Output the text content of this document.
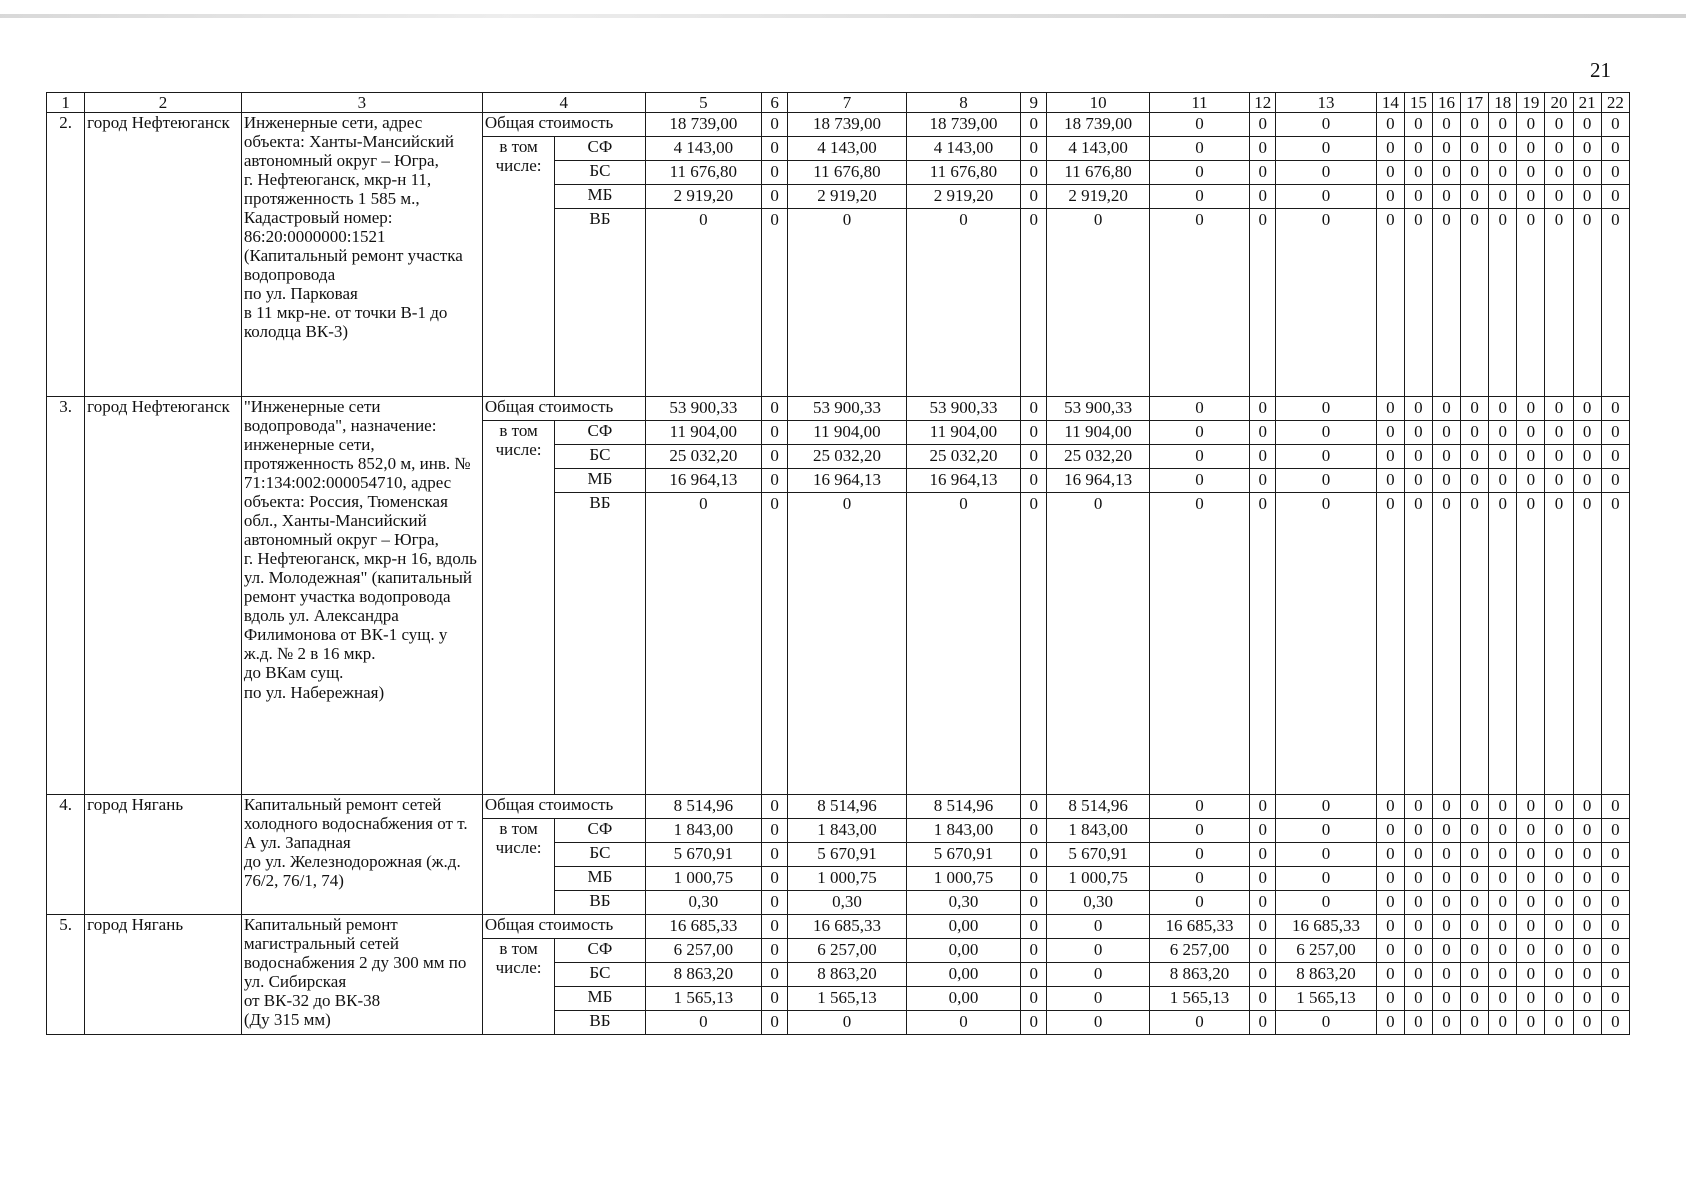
21
1	2	3	4		5	6	7	8	9	10	11	12	13	14	15	16	17	18	19	20	21	22
2.	город Нефтеюганск	Инженерные сети, адрес объекта: Ханты-Мансийский автономный округ – Югра,
г. Нефтеюганск, мкр-н 11, протяженность 1 585 м., Кадастровый номер: 86:20:0000000:1521 (Капитальный ремонт участка водопровода
по ул. Парковая
в 11 мкр-не. от точки В-1 до колодца ВК-3)	Общая стоимость		18 739,00	0	18 739,00	18 739,00	0	18 739,00	0	0	0	0	0	0	0	0	0	0	0	0
			в том
числе:	СФ	4 143,00	0	4 143,00	4 143,00	0	4 143,00	0	0	0	0	0	0	0	0	0	0	0	0
				БС	11 676,80	0	11 676,80	11 676,80	0	11 676,80	0	0	0	0	0	0	0	0	0	0	0	0
				МБ	2 919,20	0	2 919,20	2 919,20	0	2 919,20	0	0	0	0	0	0	0	0	0	0	0	0
				ВБ	0	0	0	0	0	0	0	0	0	0	0	0	0	0	0	0	0	0
3.	город Нефтеюганск	"Инженерные сети водопровода", назначение: инженерные сети, протяженность 852,0 м, инв. № 71:134:002:000054710, адрес объекта: Россия, Тюменская обл., Ханты-Мансийский автономный округ – Югра,
г. Нефтеюганск, мкр-н 16, вдоль ул. Молодежная" (капитальный ремонт участка водопровода вдоль ул. Александра Филимонова от ВК-1 сущ. у ж.д. № 2 в 16 мкр.
до ВКам сущ.
по ул. Набережная)	Общая стоимость		53 900,33	0	53 900,33	53 900,33	0	53 900,33	0	0	0	0	0	0	0	0	0	0	0	0
			в том
числе:	СФ	11 904,00	0	11 904,00	11 904,00	0	11 904,00	0	0	0	0	0	0	0	0	0	0	0	0
				БС	25 032,20	0	25 032,20	25 032,20	0	25 032,20	0	0	0	0	0	0	0	0	0	0	0	0
				МБ	16 964,13	0	16 964,13	16 964,13	0	16 964,13	0	0	0	0	0	0	0	0	0	0	0	0
				ВБ	0	0	0	0	0	0	0	0	0	0	0	0	0	0	0	0	0	0
4.	город Нягань	Капитальный ремонт сетей холодного водоснабжения от т. А ул. Западная
до ул. Железнодорожная (ж.д. 76/2, 76/1, 74)	Общая стоимость		8 514,96	0	8 514,96	8 514,96	0	8 514,96	0	0	0	0	0	0	0	0	0	0	0	0
			в том
числе:	СФ	1 843,00	0	1 843,00	1 843,00	0	1 843,00	0	0	0	0	0	0	0	0	0	0	0	0
				БС	5 670,91	0	5 670,91	5 670,91	0	5 670,91	0	0	0	0	0	0	0	0	0	0	0	0
				МБ	1 000,75	0	1 000,75	1 000,75	0	1 000,75	0	0	0	0	0	0	0	0	0	0	0	0
				ВБ	0,30	0	0,30	0,30	0	0,30	0	0	0	0	0	0	0	0	0	0	0	0
5.	город Нягань	Капитальный ремонт магистральный сетей водоснабжения 2 ду 300 мм по ул. Сибирская
от ВК-32 до ВК-38
(Ду 315 мм)	Общая стоимость		16 685,33	0	16 685,33	0,00	0	0	16 685,33	0	16 685,33	0	0	0	0	0	0	0	0	0
			в том
числе:	СФ	6 257,00	0	6 257,00	0,00	0	0	6 257,00	0	6 257,00	0	0	0	0	0	0	0	0	0
				БС	8 863,20	0	8 863,20	0,00	0	0	8 863,20	0	8 863,20	0	0	0	0	0	0	0	0	0
				МБ	1 565,13	0	1 565,13	0,00	0	0	1 565,13	0	1 565,13	0	0	0	0	0	0	0	0	0
				ВБ	0	0	0	0	0	0	0	0	0	0	0	0	0	0	0	0	0	0
